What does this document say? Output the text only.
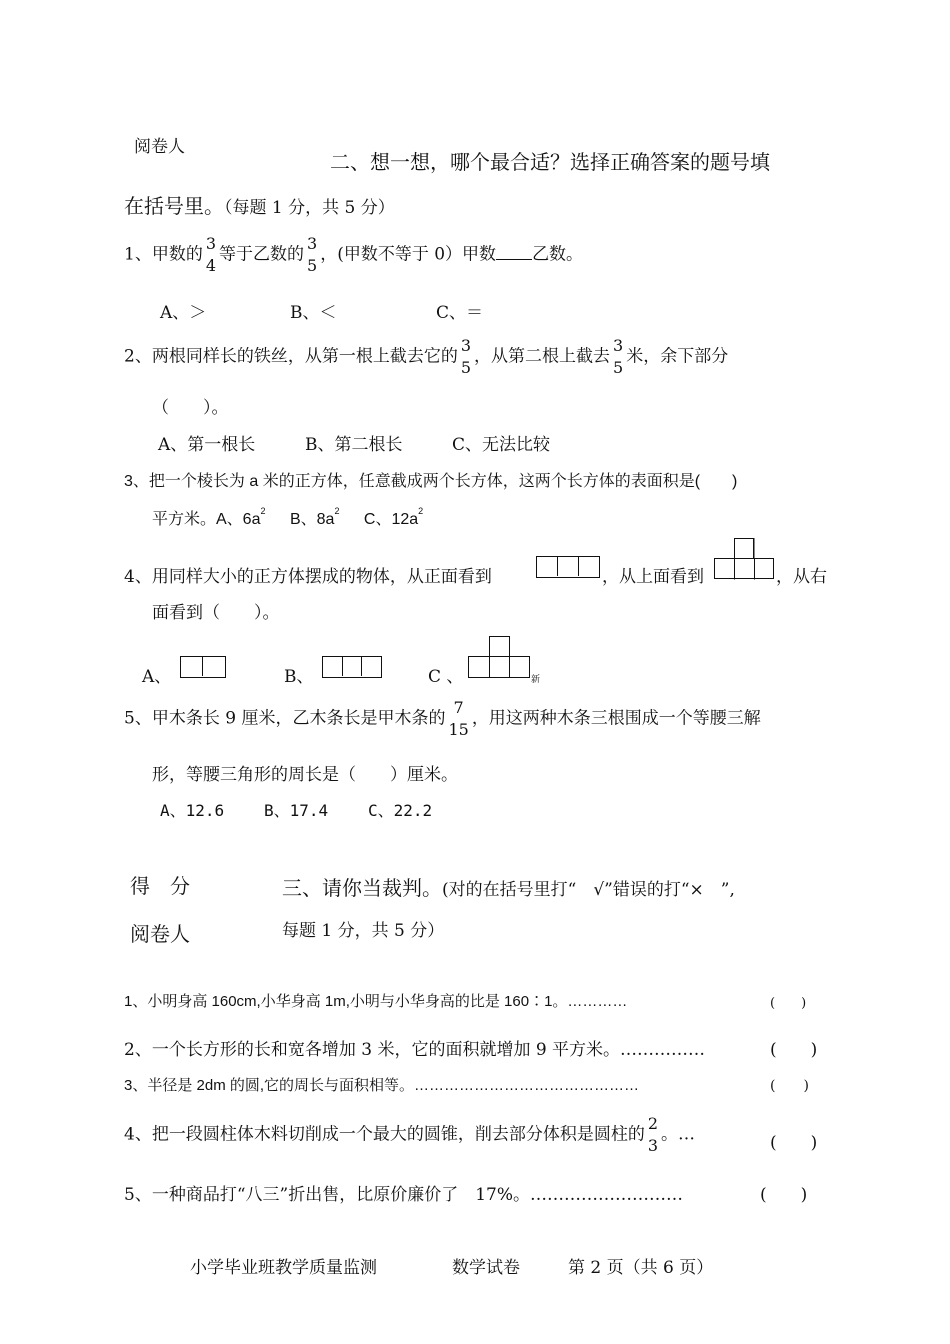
阅卷人
二、想一想，哪个最合适？选择正确答案的题号填
在括号里。（每题 1 分，共 5 分）
1、甲数的
3
4
等于乙数的
3
5
，(甲数不等于 0）甲数 乙数。
A、＞	B、＜	C、＝
2、两根同样长的铁丝，从第一根上截去它的
3
5
，从第二根上截去
3
5
米，余下部分
（　　）。
A、第一根长	B、第二根长	C、无法比较
3、把一个棱长为 a 米的正方体，任意截成两个长方体，这两个长方体的表面积是(　　)
平方米。A、$6a^2$ B、$8a^2$ C、$12a^2$
4、用同样大小的正方体摆成的物体，从正面看到	，从上面看到	，从右
面看到（　　）。
A、	B、	C 、	新
5、甲木条长 9 厘米，乙木条长是甲木条的
7
15
，用这两种木条三根围成一个等腰三解
形，等腰三角形的周长是（　　）厘米。
A、12.6 B、17.4 C、22.2
得　分
阅卷人
三、请你当裁判。(对的在括号里打“　√”错误的打“×　”,
每题 1 分，共 5 分）
1、小明身高 160cm,小华身高 1m,小明与小华身高的比是 160∶1。…………	(　　)
2、一个长方形的长和宽各增加 3 米，它的面积就增加 9 平方米。……………	(　　)
3、半径是 2dm 的圆,它的周长与面积相等。………………………………………	(　　)
4、把一段圆柱体木料切削成一个最大的圆锥，削去部分体积是圆柱的
2
3
。…	(　　)
5、一种商品打“八三”折出售，比原价廉价了　17%。………………………	(　　)
小学毕业班教学质量监测	数学试卷	第 2 页（共 6 页）
